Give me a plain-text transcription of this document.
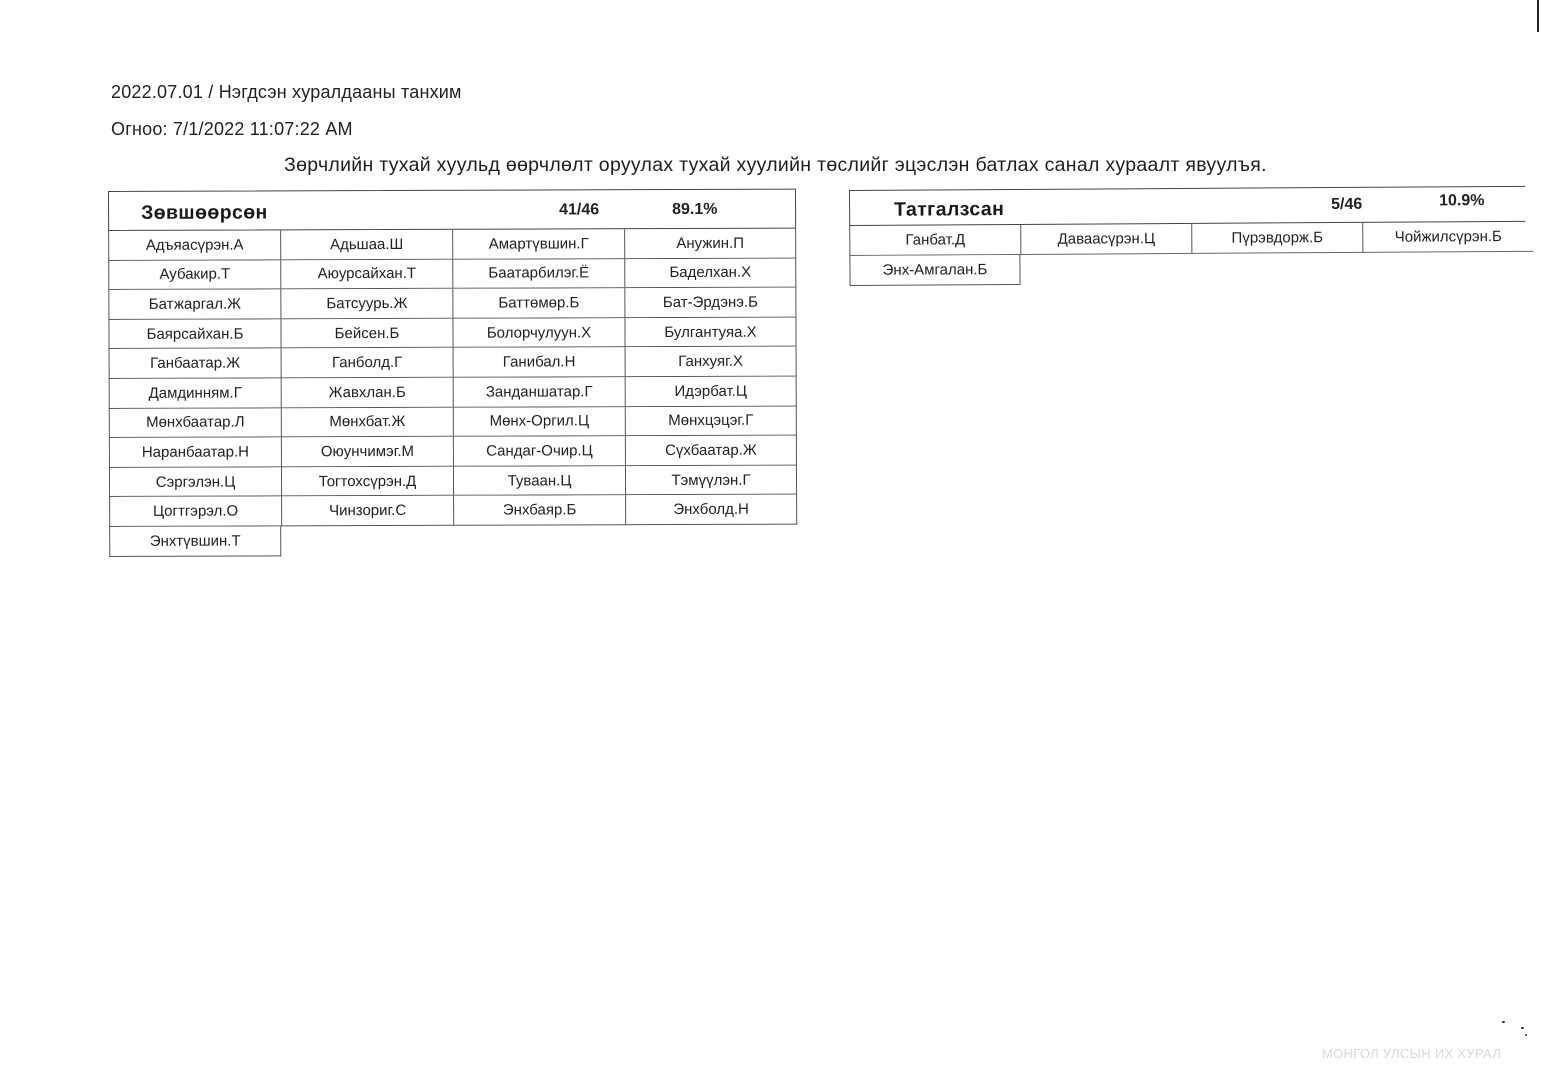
2022.07.01 / Нэгдсэн хуралдааны танхим
Огноо: 7/1/2022 11:07:22 AM
Зөрчлийн тухай хуульд өөрчлөлт оруулах тухай хуулийн төслийг эцэслэн батлах санал хураалт явуулъя.
Зөвшөөрсөн	41/46	89.1%
Адъяасүрэн.А	Адьшаа.Ш	Амартүвшин.Г	Анужин.П
Аубакир.Т	Аюурсайхан.Т	Баатарбилэг.Ё	Баделхан.Х
Батжаргал.Ж	Батсуурь.Ж	Баттөмөр.Б	Бат-Эрдэнэ.Б
Баярсайхан.Б	Бейсен.Б	Болорчулуун.Х	Булгантуяа.Х
Ганбаатар.Ж	Ганболд.Г	Ганибал.Н	Ганхуяг.Х
Дамдинням.Г	Жавхлан.Б	Занданшатар.Г	Идэрбат.Ц
Мөнхбаатар.Л	Мөнхбат.Ж	Мөнх-Оргил.Ц	Мөнхцэцэг.Г
Наранбаатар.Н	Оюунчимэг.М	Сандаг-Очир.Ц	Сүхбаатар.Ж
Сэргэлэн.Ц	Тогтохсүрэн.Д	Туваан.Ц	Тэмүүлэн.Г
Цогтгэрэл.О	Чинзориг.С	Энхбаяр.Б	Энхболд.Н
Энхтүвшин.Т
Татгалзсан	5/46	10.9%
Ганбат.Д	Даваасүрэн.Ц	Пүрэвдорж.Б	Чойжилсүрэн.Б
Энх-Амгалан.Б
МОНГОЛ УЛСЫН ИХ ХУРАЛ
